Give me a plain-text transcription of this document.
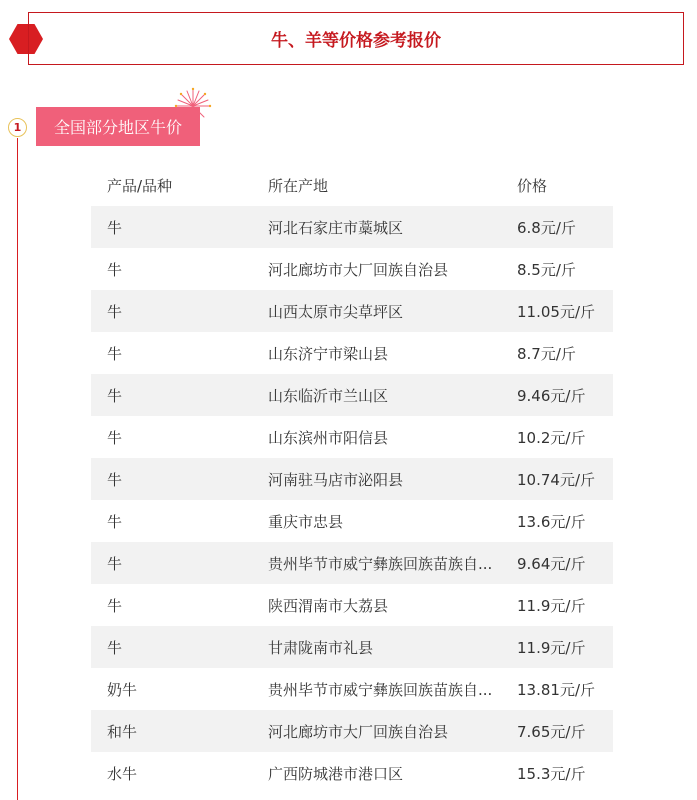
牛、羊等价格参考报价
1	全国部分地区牛价
产品/品种	所在产地	价格
牛	河北石家庄市藁城区	6.8元/斤
牛	河北廊坊市大厂回族自治县	8.5元/斤
牛	山西太原市尖草坪区	11.05元/斤
牛	山东济宁市梁山县	8.7元/斤
牛	山东临沂市兰山区	9.46元/斤
牛	山东滨州市阳信县	10.2元/斤
牛	河南驻马店市泌阳县	10.74元/斤
牛	重庆市忠县	13.6元/斤
牛	贵州毕节市威宁彝族回族苗族自...	9.64元/斤
牛	陕西渭南市大荔县	11.9元/斤
牛	甘肃陇南市礼县	11.9元/斤
奶牛	贵州毕节市威宁彝族回族苗族自...	13.81元/斤
和牛	河北廊坊市大厂回族自治县	7.65元/斤
水牛	广西防城港市港口区	15.3元/斤
